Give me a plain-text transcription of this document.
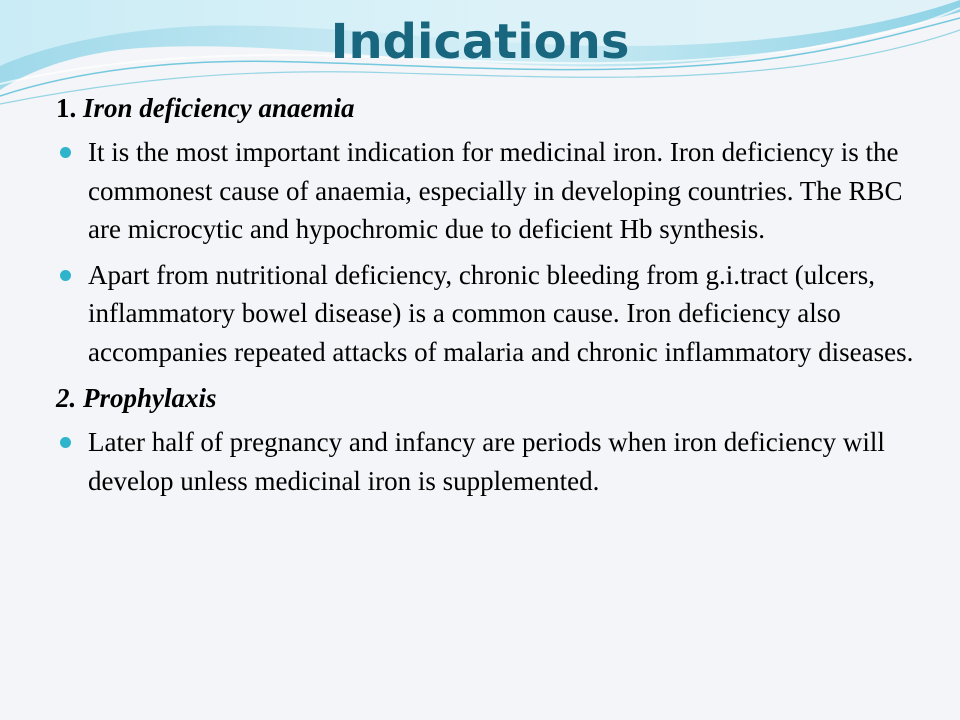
Indications

1. Iron deficiency anaemia

It is the most important indication for medicinal iron. Iron deficiency is the commonest cause of anaemia, especially in developing countries. The RBC are microcytic and hypochromic due to deficient Hb synthesis.
Apart from nutritional deficiency, chronic bleeding from g.i.tract (ulcers, inflammatory bowel disease) is a common cause. Iron deficiency also accompanies repeated attacks of malaria and chronic inflammatory diseases.

2. Prophylaxis

Later half of pregnancy and infancy are periods when iron deficiency will develop unless medicinal iron is supplemented.
